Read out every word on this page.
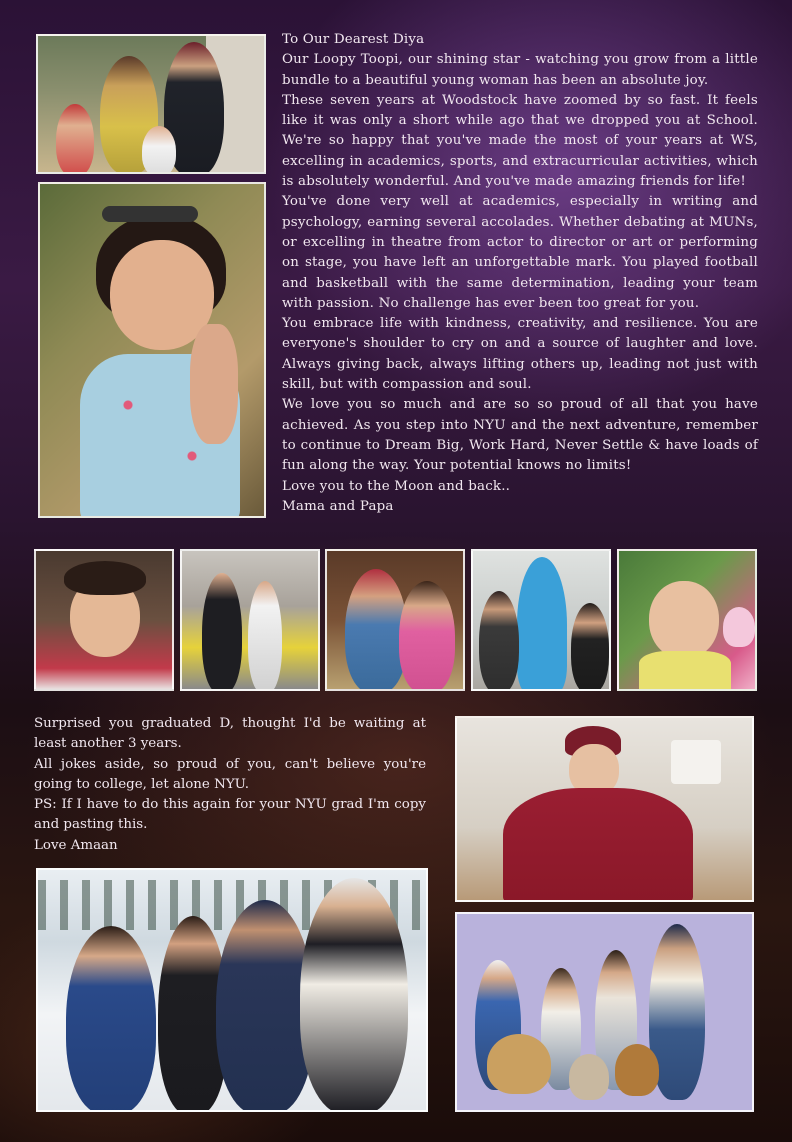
To Our Dearest Diya

Our Loopy Toopi, our shining star - watching you grow from a little bundle to a beautiful young woman has been an absolute joy.

These seven years at Woodstock have zoomed by so fast. It feels like it was only a short while ago that we dropped you at School. We're so happy that you've made the most of your years at WS, excelling in academics, sports, and extracurricular activities, which is absolutely wonderful. And you've made amazing friends for life!

You've done very well at academics, especially in writing and psychology, earning several accolades. Whether debating at MUNs, or excelling in theatre from actor to director or art or performing on stage, you have left an unforgettable mark. You played football and basketball with the same determination, leading your team with passion. No challenge has ever been too great for you.

You embrace life with kindness, creativity, and resilience. You are everyone's shoulder to cry on and a source of laughter and love. Always giving back, always lifting others up, leading not just with skill, but with compassion and soul.

We love you so much and are so so proud of all that you have achieved. As you step into NYU and the next adventure, remember to continue to Dream Big, Work Hard, Never Settle & have loads of fun along the way. Your potential knows no limits!

Love you to the Moon and back..

Mama and Papa

Surprised you graduated D, thought I'd be waiting at least another 3 years.

All jokes aside, so proud of you, can't believe you're going to college, let alone NYU.

PS: If I have to do this again for your NYU grad I'm copy and pasting this.

Love Amaan
